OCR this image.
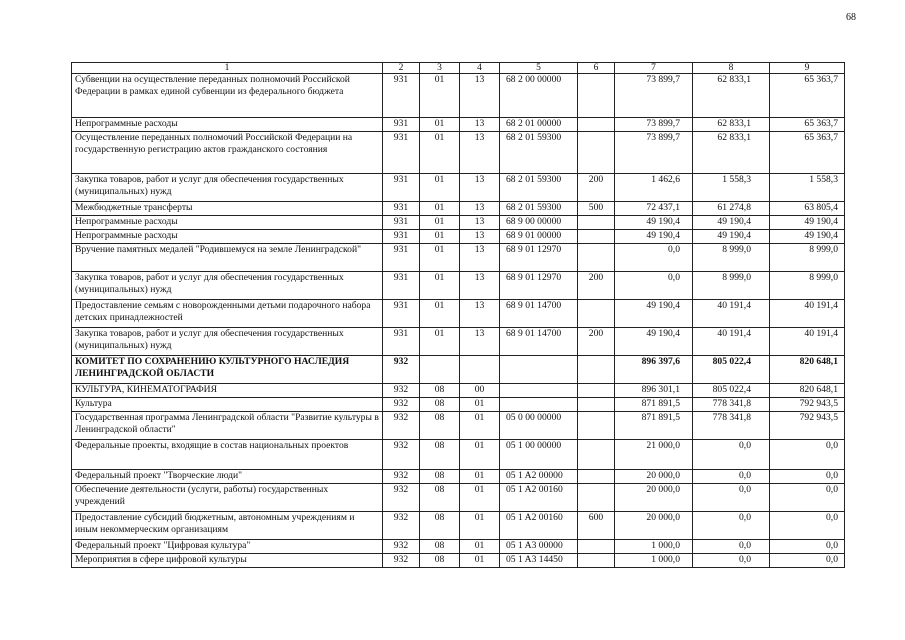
68
1	2	3	4	5	6	7	8	9
Субвенции на осуществление переданных полномочий Российской Федерации в рамках единой субвенции из федерального бюджета	931	01	13	68 2 00 00000		73 899,7	62 833,1	65 363,7
Непрограммные расходы	931	01	13	68 2 01 00000		73 899,7	62 833,1	65 363,7
Осуществление переданных полномочий Российской Федерации на государственную регистрацию актов гражданского состояния	931	01	13	68 2 01 59300		73 899,7	62 833,1	65 363,7
Закупка товаров, работ и услуг для обеспечения государственных (муниципальных) нужд	931	01	13	68 2 01 59300	200	1 462,6	1 558,3	1 558,3
Межбюджетные трансферты	931	01	13	68 2 01 59300	500	72 437,1	61 274,8	63 805,4
Непрограммные расходы	931	01	13	68 9 00 00000		49 190,4	49 190,4	49 190,4
Непрограммные расходы	931	01	13	68 9 01 00000		49 190,4	49 190,4	49 190,4
Вручение памятных медалей "Родившемуся на земле Ленинградской"	931	01	13	68 9 01 12970		0,0	8 999,0	8 999,0
Закупка товаров, работ и услуг для обеспечения государственных (муниципальных) нужд	931	01	13	68 9 01 12970	200	0,0	8 999,0	8 999,0
Предоставление семьям с новорожденными детьми подарочного набора детских принадлежностей	931	01	13	68 9 01 14700		49 190,4	40 191,4	40 191,4
Закупка товаров, работ и услуг для обеспечения государственных (муниципальных) нужд	931	01	13	68 9 01 14700	200	49 190,4	40 191,4	40 191,4
КОМИТЕТ ПО СОХРАНЕНИЮ КУЛЬТУРНОГО НАСЛЕДИЯ ЛЕНИНГРАДСКОЙ ОБЛАСТИ	932					896 397,6	805 022,4	820 648,1
КУЛЬТУРА, КИНЕМАТОГРАФИЯ	932	08	00			896 301,1	805 022,4	820 648,1
Культура	932	08	01			871 891,5	778 341,8	792 943,5
Государственная программа Ленинградской области "Развитие культуры в Ленинградской области"	932	08	01	05 0 00 00000		871 891,5	778 341,8	792 943,5
Федеральные проекты, входящие в состав национальных проектов	932	08	01	05 1 00 00000		21 000,0	0,0	0,0
Федеральный проект "Творческие люди"	932	08	01	05 1 A2 00000		20 000,0	0,0	0,0
Обеспечение деятельности (услуги, работы) государственных учреждений	932	08	01	05 1 A2 00160		20 000,0	0,0	0,0
Предоставление субсидий бюджетным, автономным учреждениям и иным некоммерческим организациям	932	08	01	05 1 A2 00160	600	20 000,0	0,0	0,0
Федеральный проект "Цифровая культура"	932	08	01	05 1 A3 00000		1 000,0	0,0	0,0
Мероприятия в сфере цифровой культуры	932	08	01	05 1 A3 14450		1 000,0	0,0	0,0
